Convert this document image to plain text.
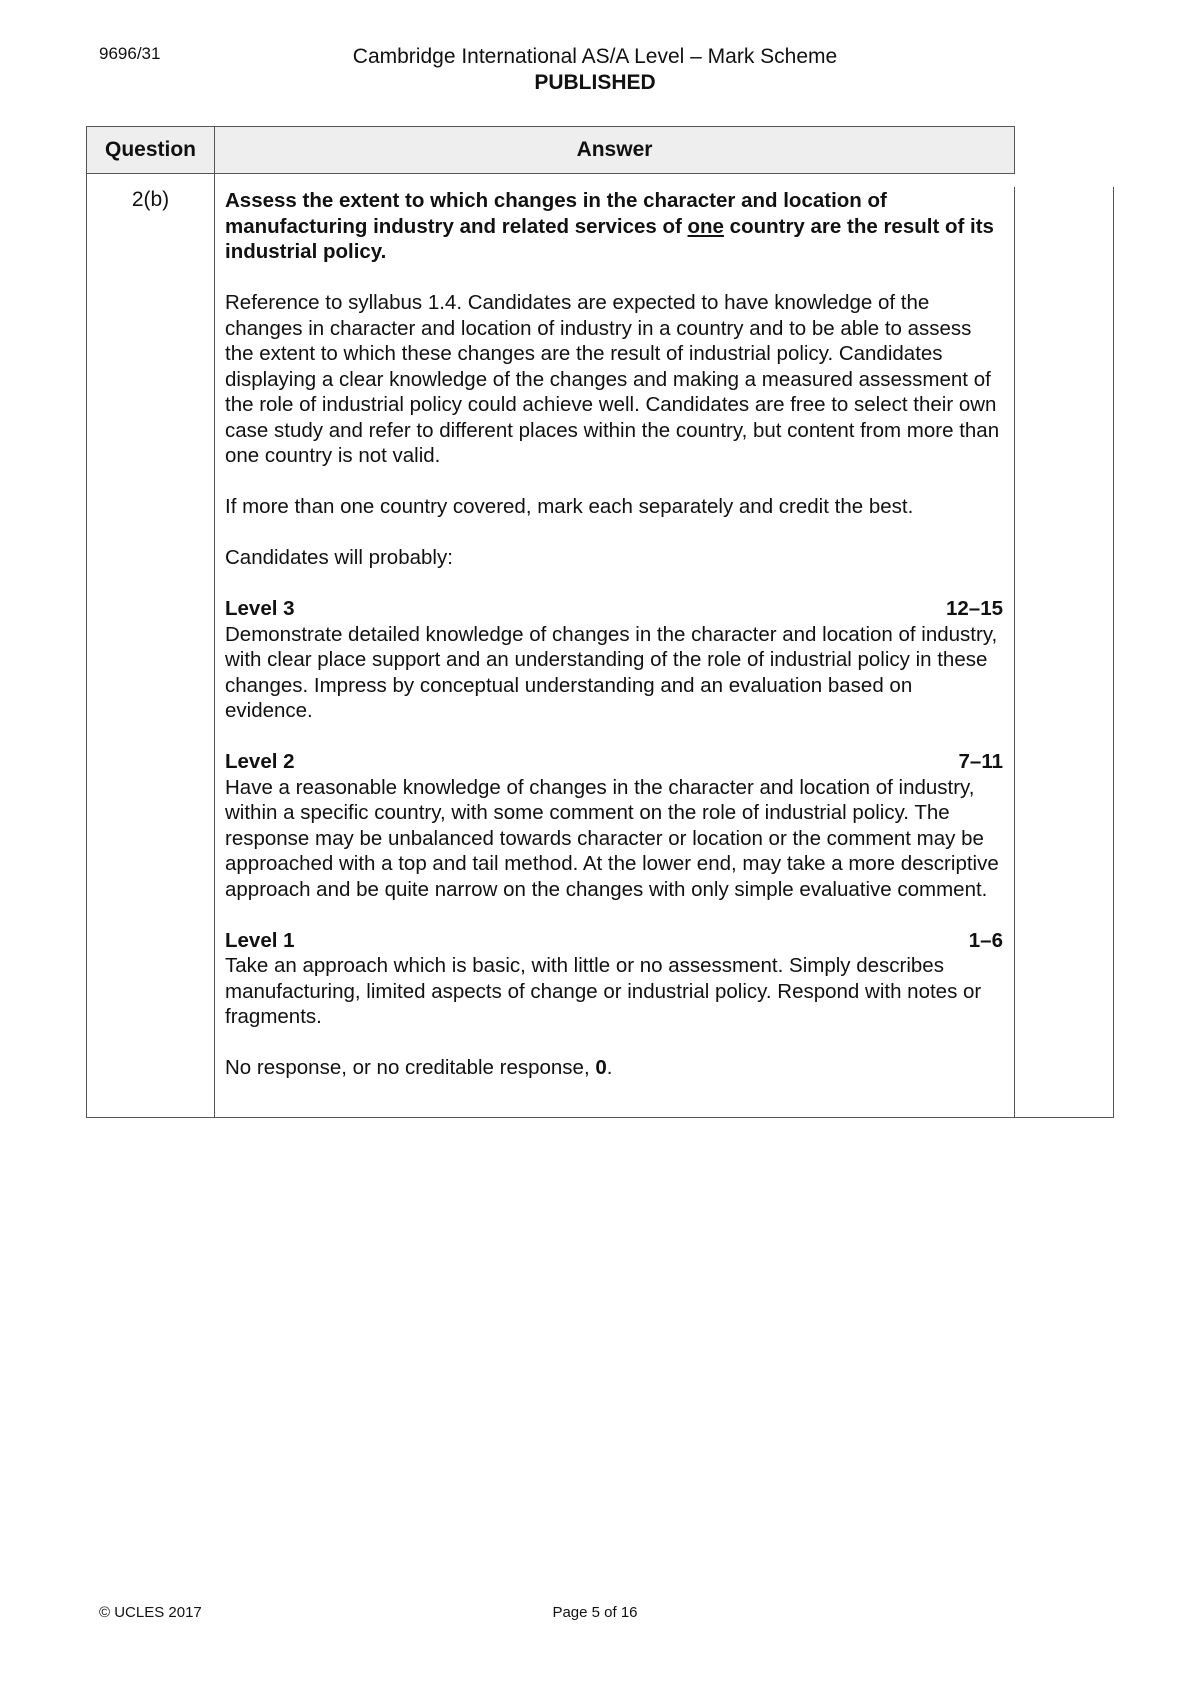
9696/31	Cambridge International AS/A Level – Mark Scheme
PUBLISHED
Question	Answer
2(b)	Assess the extent to which changes in the character and location of manufacturing industry and related services of one country are the result of its industrial policy.

Reference to syllabus 1.4. Candidates are expected to have knowledge of the changes in character and location of industry in a country and to be able to assess the extent to which these changes are the result of industrial policy. Candidates displaying a clear knowledge of the changes and making a measured assessment of the role of industrial policy could achieve well. Candidates are free to select their own case study and refer to different places within the country, but content from more than one country is not valid.

If more than one country covered, mark each separately and credit the best.

Candidates will probably:

Level 3	12–15

Demonstrate detailed knowledge of changes in the character and location of industry, with clear place support and an understanding of the role of industrial policy in these changes. Impress by conceptual understanding and an evaluation based on evidence.

Level 2	7–11

Have a reasonable knowledge of changes in the character and location of industry, within a specific country, with some comment on the role of industrial policy. The response may be unbalanced towards character or location or the comment may be approached with a top and tail method. At the lower end, may take a more descriptive approach and be quite narrow on the changes with only simple evaluative comment.

Level 1	1–6

Take an approach which is basic, with little or no assessment. Simply describes manufacturing, limited aspects of change or industrial policy. Respond with notes or fragments.

No response, or no creditable response, 0.

© UCLES 2017	Page 5 of 16
